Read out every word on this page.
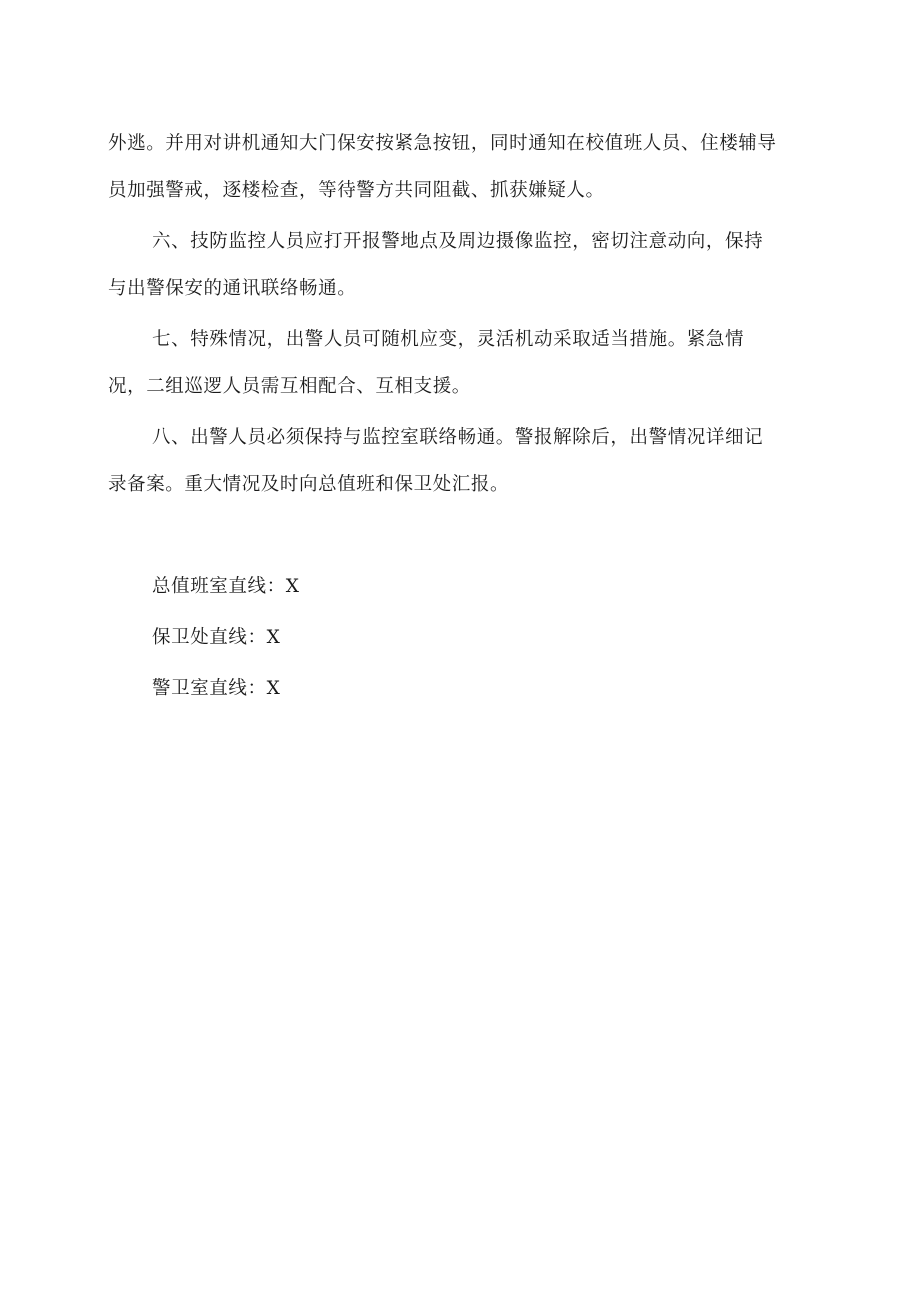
外逃。并用对讲机通知大门保安按紧急按钮，同时通知在校值班人员、住楼辅导
员加强警戒，逐楼检查，等待警方共同阻截、抓获嫌疑人。
六、技防监控人员应打开报警地点及周边摄像监控，密切注意动向，保持
与出警保安的通讯联络畅通。
七、特殊情况，出警人员可随机应变，灵活机动采取适当措施。紧急情
况，二组巡逻人员需互相配合、互相支援。
八、出警人员必须保持与监控室联络畅通。警报解除后，出警情况详细记
录备案。重大情况及时向总值班和保卫处汇报。
总值班室直线：X
保卫处直线：X
警卫室直线：X
